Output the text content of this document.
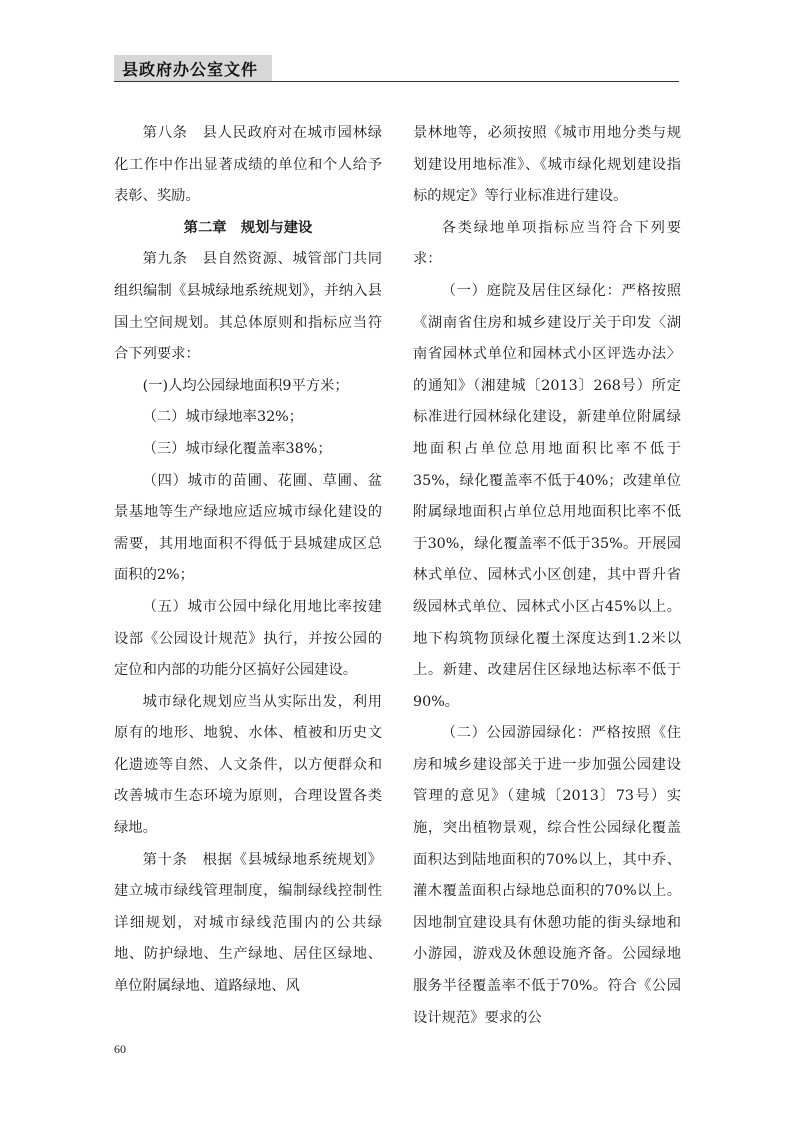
县政府办公室文件

第八条　县人民政府对在城市园林绿化工作中作出显著成绩的单位和个人给予表彰、奖励。

第二章　规划与建设

第九条　县自然资源、城管部门共同组织编制《县城绿地系统规划》，并纳入县国土空间规划。其总体原则和指标应当符合下列要求：

(一)人均公园绿地面积9平方米；

（二）城市绿地率32%；

（三）城市绿化覆盖率38%；

（四）城市的苗圃、花圃、草圃、盆景基地等生产绿地应适应城市绿化建设的需要，其用地面积不得低于县城建成区总面积的2%；

（五）城市公园中绿化用地比率按建设部《公园设计规范》执行，并按公园的定位和内部的功能分区搞好公园建设。

城市绿化规划应当从实际出发，利用原有的地形、地貌、水体、植被和历史文化遗迹等自然、人文条件，以方便群众和改善城市生态环境为原则，合理设置各类绿地。

第十条　根据《县城绿地系统规划》建立城市绿线管理制度，编制绿线控制性详细规划，对城市绿线范围内的公共绿地、防护绿地、生产绿地、居住区绿地、单位附属绿地、道路绿地、风

景林地等，必须按照《城市用地分类与规划建设用地标准》、《城市绿化规划建设指标的规定》等行业标准进行建设。

各类绿地单项指标应当符合下列要求：

（一）庭院及居住区绿化：严格按照《湖南省住房和城乡建设厅关于印发〈湖南省园林式单位和园林式小区评选办法〉的通知》（湘建城〔2013〕268号）所定标准进行园林绿化建设，新建单位附属绿地面积占单位总用地面积比率不低于35%，绿化覆盖率不低于40%；改建单位附属绿地面积占单位总用地面积比率不低于30%，绿化覆盖率不低于35%。开展园林式单位、园林式小区创建，其中晋升省级园林式单位、园林式小区占45%以上。地下构筑物顶绿化覆土深度达到1.2米以上。新建、改建居住区绿地达标率不低于90%。

（二）公园游园绿化：严格按照《住房和城乡建设部关于进一步加强公园建设管理的意见》（建城〔2013〕73号）实施，突出植物景观，综合性公园绿化覆盖面积达到陆地面积的70%以上，其中乔、灌木覆盖面积占绿地总面积的70%以上。因地制宜建设具有休憩功能的街头绿地和小游园，游戏及休憩设施齐备。公园绿地服务半径覆盖率不低于70%。符合《公园设计规范》要求的公

60
